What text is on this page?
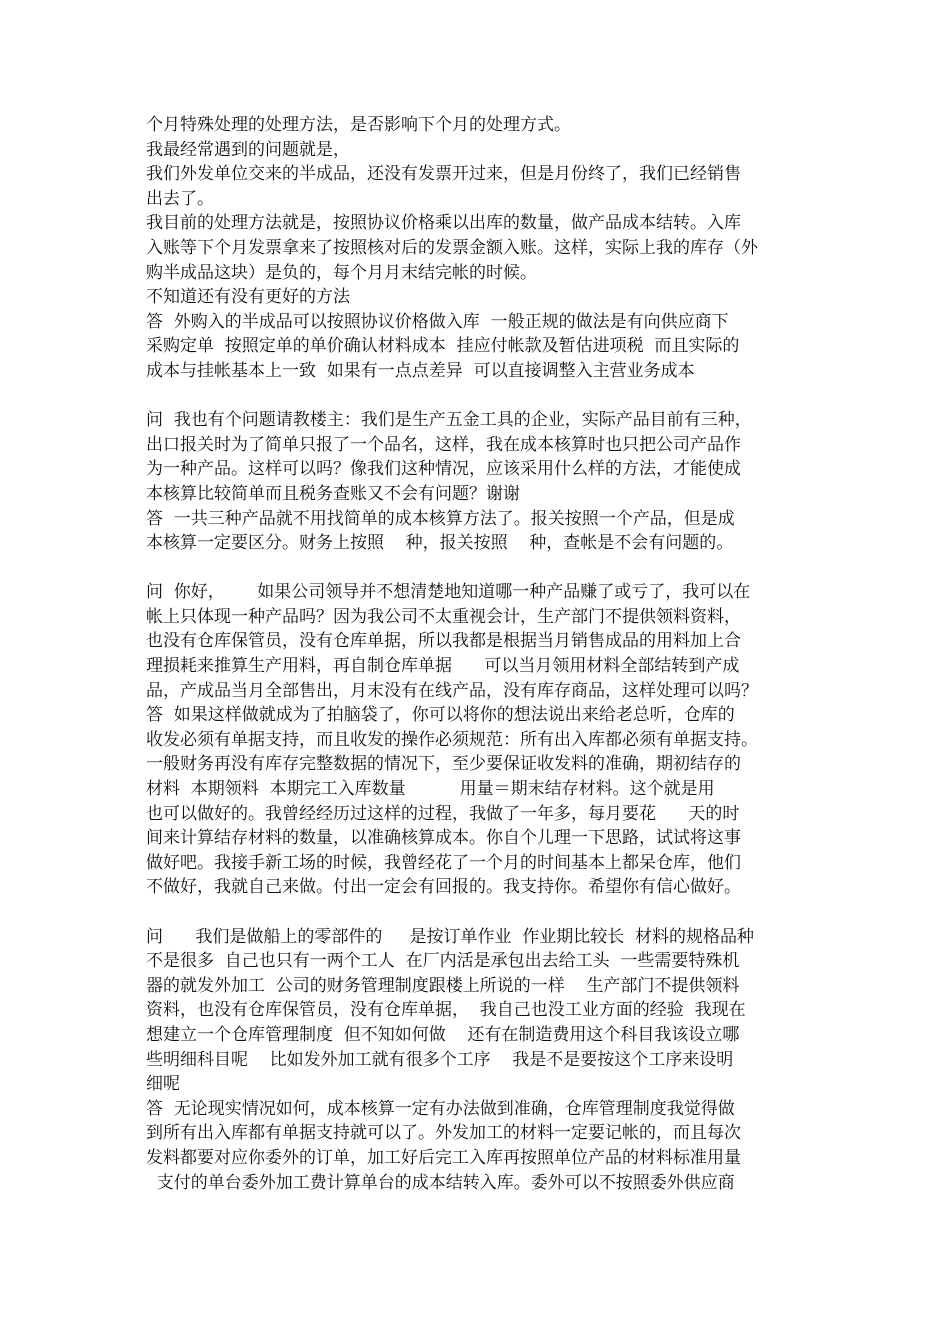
个月特殊处理的处理方法，是否影响下个月的处理方式。
我最经常遇到的问题就是，
我们外发单位交来的半成品，还没有发票开过来，但是月份终了，我们已经销售
出去了。
我目前的处理方法就是，按照协议价格乘以出库的数量，做产品成本结转。入库
入账等下个月发票拿来了按照核对后的发票金额入账。这样，实际上我的库存（外
购半成品这块）是负的，每个月月末结完帐的时候。
不知道还有没有更好的方法
答  外购入的半成品可以按照协议价格做入库  一般正规的做法是有向供应商下
采购定单  按照定单的单价确认材料成本  挂应付帐款及暂估进项税  而且实际的
成本与挂帐基本上一致  如果有一点点差异  可以直接调整入主营业务成本
问  我也有个问题请教楼主：我们是生产五金工具的企业，实际产品目前有三种，
出口报关时为了简单只报了一个品名，这样，我在成本核算时也只把公司产品作
为一种产品。这样可以吗？像我们这种情况，应该采用什么样的方法，才能使成
本核算比较简单而且税务查账又不会有问题？谢谢
答  一共三种产品就不用找简单的成本核算方法了。报关按照一个产品，但是成
本核算一定要区分。财务上按照    种，报关按照    种，查帐是不会有问题的。
问  你好，      如果公司领导并不想清楚地知道哪一种产品赚了或亏了，我可以在
帐上只体现一种产品吗？因为我公司不太重视会计，生产部门不提供领料资料，
也没有仓库保管员，没有仓库单据，所以我都是根据当月销售成品的用料加上合
理损耗来推算生产用料，再自制仓库单据      可以当月领用材料全部结转到产成
品，产成品当月全部售出，月末没有在线产品，没有库存商品，这样处理可以吗？
答  如果这样做就成为了拍脑袋了，你可以将你的想法说出来给老总听，仓库的
收发必须有单据支持，而且收发的操作必须规范：所有出入库都必须有单据支持。
一般财务再没有库存完整数据的情况下，至少要保证收发料的准确，期初结存的
材料  本期领料  本期完工入库数量          用量＝期末结存材料。这个就是用
也可以做好的。我曾经经历过这样的过程，我做了一年多，每月要花      天的时
间来计算结存材料的数量，以准确核算成本。你自个儿理一下思路，试试将这事
做好吧。我接手新工场的时候，我曾经花了一个月的时间基本上都呆仓库，他们
不做好，我就自己来做。付出一定会有回报的。我支持你。希望你有信心做好。
问      我们是做船上的零部件的     是按订单作业  作业期比较长  材料的规格品种
不是很多  自己也只有一两个工人  在厂内活是承包出去给工头  一些需要特殊机
器的就发外加工  公司的财务管理制度跟楼上所说的一样    生产部门不提供领料
资料，也没有仓库保管员，没有仓库单据，  我自己也没工业方面的经验  我现在
想建立一个仓库管理制度  但不知如何做    还有在制造费用这个科目我该设立哪
些明细科目呢    比如发外加工就有很多个工序    我是不是要按这个工序来设明
细呢
答  无论现实情况如何，成本核算一定有办法做到准确，仓库管理制度我觉得做
到所有出入库都有单据支持就可以了。外发加工的材料一定要记帐的，而且每次
发料都要对应你委外的订单，加工好后完工入库再按照单位产品的材料标准用量
支付的单台委外加工费计算单台的成本结转入库。委外可以不按照委外供应商
